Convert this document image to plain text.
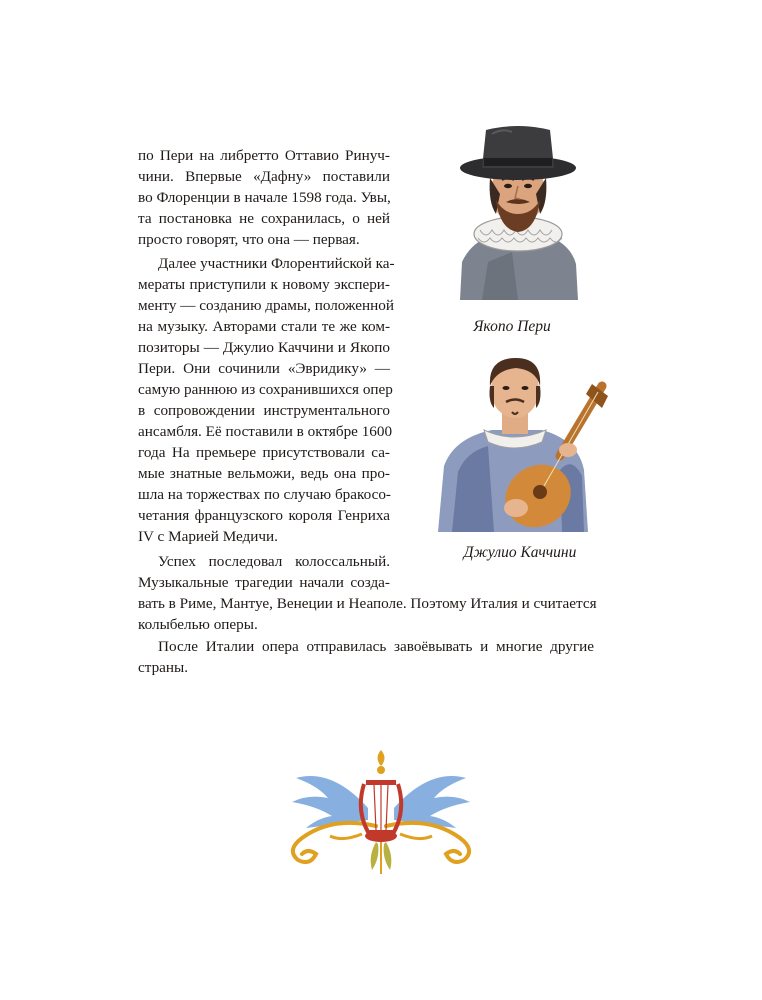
по Пери на либретто Оттавио Ринуч-

чини. Впервые «Дафну» поставили

во Флоренции в начале 1598 года. Увы,

та постановка не сохранилась, о ней

просто говорят, что она — первая.

Далее участники Флорентийской ка-

мераты приступили к новому экспери-

менту — созданию драмы, положенной

на музыку. Авторами стали те же ком-

позиторы — Джулио Каччини и Якопо

Пери. Они сочинили «Эвридику» —

самую раннюю из сохранившихся опер

в сопровождении инструментального

ансамбля. Её поставили в октябре 1600

года На премьере присутствовали са-

мые знатные вельможи, ведь она про-

шла на торжествах по случаю бракосо-

четания французского короля Генриха

IV с Марией Медичи.

Успех последовал колоссальный.

Музыкальные трагедии начали созда-

вать в Риме, Мантуе, Венеции и Неаполе. Поэтому Италия и считается

колыбелью оперы.

После Италии опера отправилась завоёвывать и многие другие

страны.

Якопо Пери
Джулио Каччини
